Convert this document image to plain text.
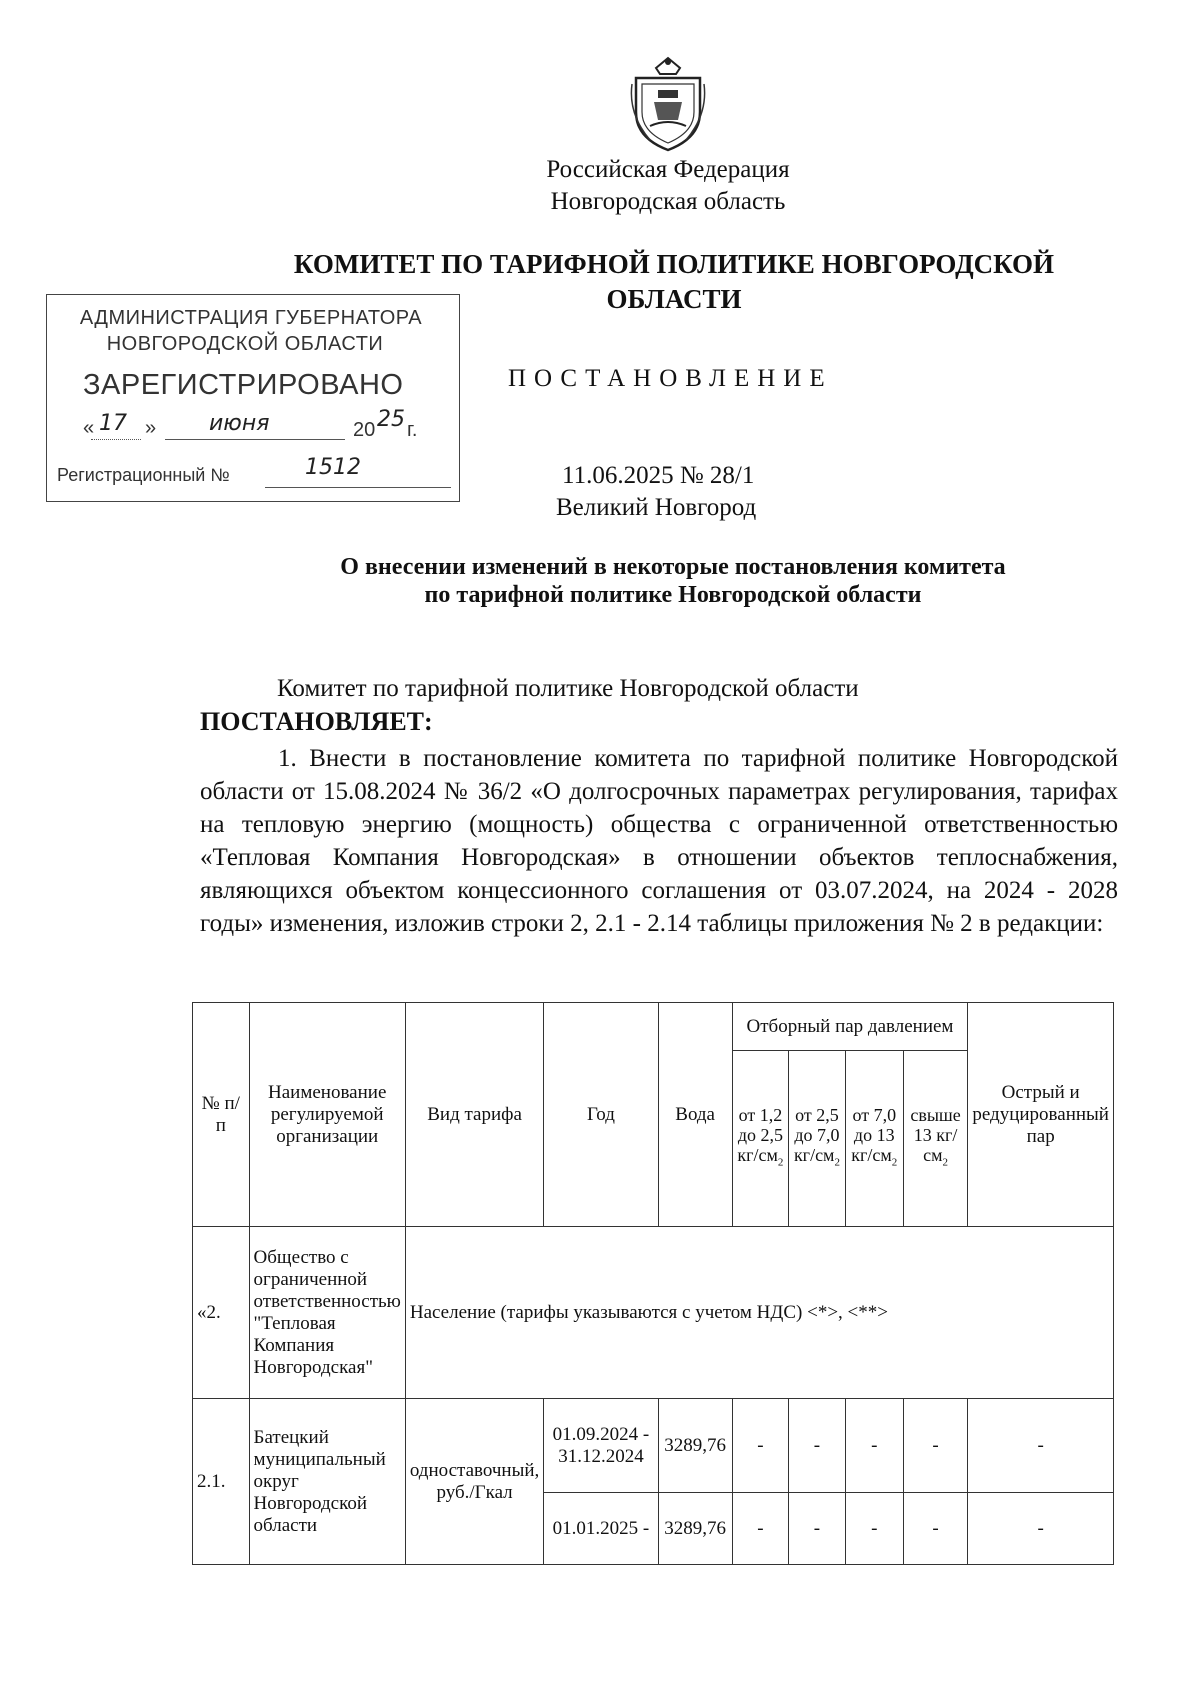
Российская Федерация
Новгородская область
КОМИТЕТ ПО ТАРИФНОЙ ПОЛИТИКЕ НОВГОРОДСКОЙ
ОБЛАСТИ
АДМИНИСТРАЦИЯ ГУБЕРНАТОРА
НОВГОРОДСКОЙ ОБЛАСТИ
ЗАРЕГИСТРИРОВАНО
« 17 » июня	20 25 г.
Регистрационный №	1512
ПОСТАНОВЛЕНИЕ
11.06.2025 № 28/1
Великий Новгород
О внесении изменений в некоторые постановления комитета
по тарифной политике Новгородской области
Комитет по тарифной политике Новгородской области
ПОСТАНОВЛЯЕТ:
1. Внести в постановление комитета по тарифной политике Новгородской области от 15.08.2024 № 36/2 «О долгосрочных параметрах регулирования, тарифах на тепловую энергию (мощность) общества с ограниченной ответственностью «Тепловая Компания Новгородская» в отношении объектов теплоснабжения, являющихся объектом концессионного соглашения от 03.07.2024, на 2024 - 2028 годы» изменения, изложив строки 2, 2.1 - 2.14 таблицы приложения № 2 в редакции:
№ п/п	Наименование регулируемой организации	Вид тарифа	Год	Вода	Отборный пар давлением				Острый и редуцированный пар
					от 1,2 до 2,5 $кг/см_2$	от 2,5 до 7,0 $кг/см_2$	от 7,0 до 13 $кг/см_2$	свыше 13 $кг/см_2$
«2.	Общество с ограниченной ответственностью "Тепловая Компания Новгородская"	Население (тарифы указываются с учетом НДС) <*>, <**>							
2.1.	Батецкий муниципальный округ Новгородской области	одноставочный, руб./Гкал	01.09.2024 - 31.12.2024	3289,76	-	-	-	-	-
			01.01.2025 -	3289,76	-	-	-	-	-
